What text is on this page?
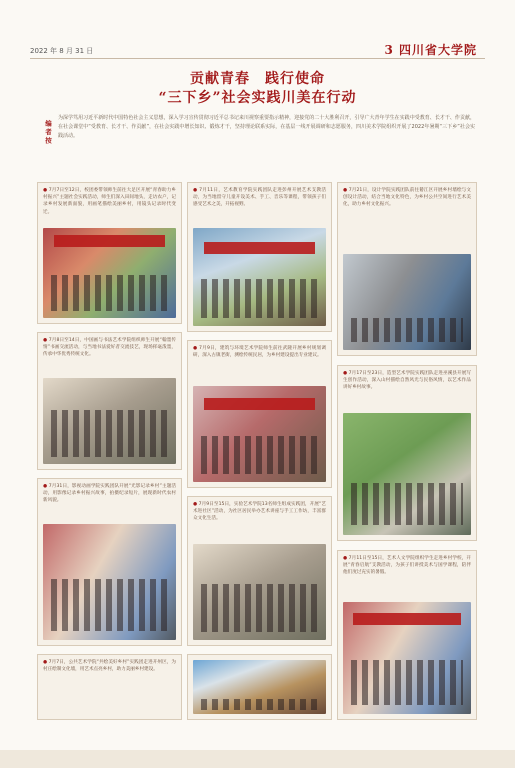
2022 年 8 月 31 日	3 四川省大学院
贡献青春　践行使命
“三下乡”社会实践川美在行动
编者按
为深学笃用习近平新时代中国特色社会主义思想，深入学习宣传贯彻习近平总书记来川视察重要指示精神，迎接党的二十大胜利召开，引导广大青年学生在实践中受教育、长才干、作贡献，在社会课堂中“受教育、长才干、作贡献”，在社会实践中增长知识、锻炼才干，坚持理论联系实际，在基层一线开展调研和志愿服务，四川美术学院组织开展了2022年暑期“三下乡”社会实践活动。

● 7月7日至12日，校团委带领师生前往大足区开展“青春助力乡村振兴”主题社会实践活动，师生们深入田间地头，走访农户，记录乡村发展新面貌，用画笔描绘美丽乡村，用镜头记录时代变迁。

● 7月11日，艺术教育学院实践团队走进彭州开展艺术支教活动，为当地留守儿童开设美术、手工、音乐等课程，带领孩子们感受艺术之美，开拓视野。

● 7月21日，设计学院实践团队前往綦江区开展乡村墙绘与文创设计活动，结合当地文化特色，为乡村公共空间进行艺术美化，助力乡村文化振兴。

● 7月8日至14日，中国画与书法艺术学院组织师生开展“翰墨传情”书画交流活动，与当地书法爱好者交流技艺，现场挥毫泼墨，传承中华优秀传统文化。

● 7月9日，建筑与环境艺术学院师生前往武隆开展乡村规划调研，深入古镇老街，测绘传统民居，为乡村建设提出专业建议。

● 7月17日至23日，造型艺术学院实践团队走进巫溪县开展写生创作活动，深入山村描绘自然风光与民俗风情，以艺术作品讲好乡村故事。

● 7月31日，影视动画学院实践团队开展“光影记录乡村”主题活动，用影像记录乡村振兴故事，拍摄纪录短片，展现新时代农村新风貌。

● 7月9日至15日，实验艺术学院13名师生组成实践团，开展“艺术进社区”活动，为社区居民举办艺术讲座与手工工作坊，丰富群众文化生活。

● 7月11日至15日，艺术人文学院组织学生走进乡村学校，开展“青春启航”支教活动，为孩子们讲授美术与国学课程，陪伴他们度过充实的暑假。

● 7月7日，公共艺术学院“共绘美好乡村”实践团走进开州区，为村庄绘制文化墙，用艺术点亮乡村，助力美丽乡村建设。
